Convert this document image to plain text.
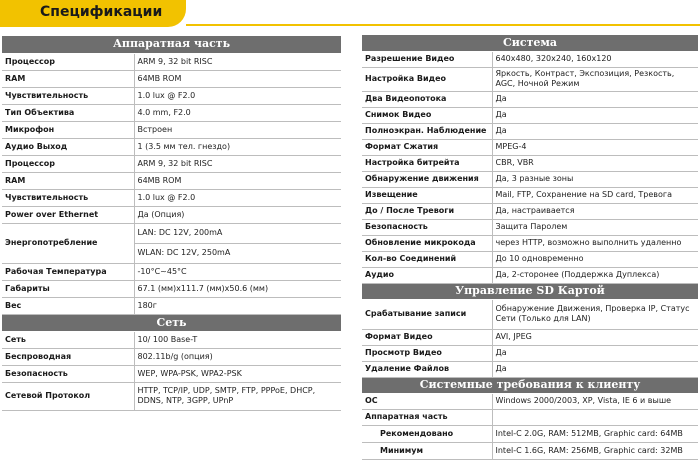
Спецификации
Аппаратная часть	
Процессор	ARM 9, 32 bit RISC
RAM	64MB ROM
Чувствительность	1.0 lux @ F2.0
Тип Объектива	4.0 mm, F2.0
Микрофон	Встроен
Аудио Выход	1 (3.5 мм тел. гнездо)
Процессор	ARM 9, 32 bit RISC
RAM	64MB ROM
Чувствительность	1.0 lux @ F2.0
Power over Ethernet	Да (Опция)
Энергопотребление	LAN: DC 12V, 200mA
	WLAN: DC 12V, 250mA
Рабочая Температура	-10°C~45°C
Габариты	67.1 (мм)x111.7 (мм)x50.6 (мм)
Вес	180г
Сеть	
Сеть	10/ 100 Base-T
Беспроводная	802.11b/g (опция)
Безопасность	WEP, WPA-PSK, WPA2-PSK
Сетевой Протокол	HTTP, TCP/IP, UDP, SMTP, FTP, PPPoE, DHCP, DDNS, NTP, 3GPP, UPnP
Система	
Разрешение Видео	640x480, 320x240, 160x120
Настройка Видео	Яркость, Контраст, Экспозиция, Резкость, AGC, Ночной Режим
Два Видеопотока	Да
Снимок Видео	Да
Полноэкран. Наблюдение	Да
Формат Сжатия	MPEG-4
Настройка битрейта	CBR, VBR
Обнаружение движения	Да, 3 разные зоны
Извещение	Mail, FTP, Сохранение на SD card, Тревога
До / После Тревоги	Да, настраивается
Безопасность	Защита Паролем
Обновление микрокода	через HTTP, возможно выполнить удаленно
Кол-во Соединений	До 10 одновременно
Аудио	Да, 2-сторонее (Поддержка Дуплекса)
Управление SD Картой	
Срабатывание записи	Обнаружение Движения, Проверка IP, Статус Сети (Только для LAN)
Формат Видео	AVI, JPEG
Просмотр Видео	Да
Удаление Файлов	Да
Системные требования к клиенту	
ОС	Windows 2000/2003, XP, Vista, IE 6 и выше
Аппаратная часть	
Рекомендовано	Intel-C 2.0G, RAM: 512MB, Graphic card: 64MB
Минимум	Intel-C 1.6G, RAM: 256MB, Graphic card: 32MB
